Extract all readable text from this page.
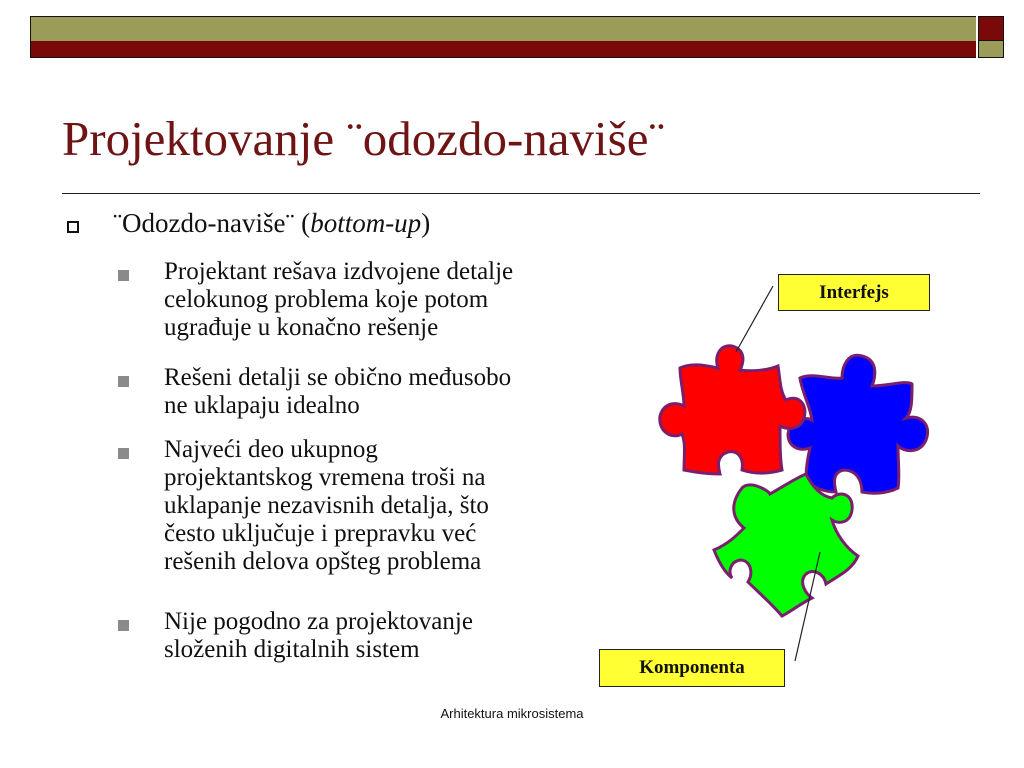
Projektovanje ¨odozdo-naviše¨
¨Odozdo-naviše¨ (bottom-up)
Projektant rešava izdvojene detalje
celokunog problema koje potom
ugrađuje u konačno rešenje
Rešeni detalji se obično međusobo
ne uklapaju idealno
Najveći deo ukupnog
projektantskog vremena troši na
uklapanje nezavisnih detalja, što
često uključuje i prepravku već
rešenih delova opšteg problema
Nije pogodno za projektovanje
složenih digitalnih sistem
Interfejs
Komponenta
Arhitektura mikrosistema
